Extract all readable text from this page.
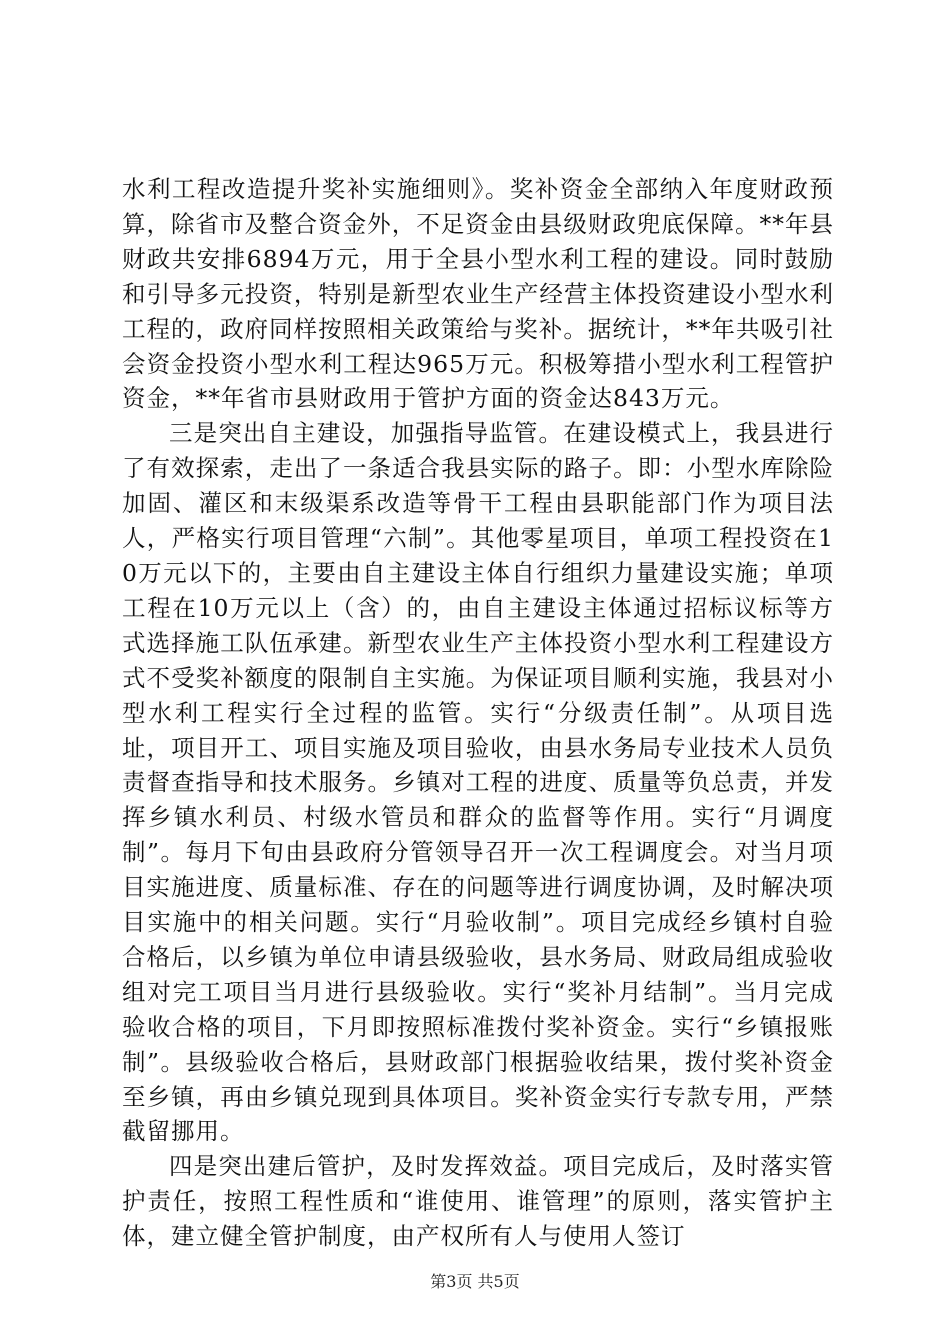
水利工程改造提升奖补实施细则》。奖补资金全部纳入年度财政预算，除省市及整合资金外，不足资金由县级财政兜底保障。**年县财政共安排6894万元，用于全县小型水利工程的建设。同时鼓励和引导多元投资，特别是新型农业生产经营主体投资建设小型水利工程的，政府同样按照相关政策给与奖补。据统计，**年共吸引社会资金投资小型水利工程达965万元。积极筹措小型水利工程管护资金，**年省市县财政用于管护方面的资金达843万元。

三是突出自主建设，加强指导监管。在建设模式上，我县进行了有效探索，走出了一条适合我县实际的路子。即：小型水库除险加固、灌区和末级渠系改造等骨干工程由县职能部门作为项目法人，严格实行项目管理“六制”。其他零星项目，单项工程投资在10万元以下的，主要由自主建设主体自行组织力量建设实施；单项工程在10万元以上（含）的，由自主建设主体通过招标议标等方式选择施工队伍承建。新型农业生产主体投资小型水利工程建设方式不受奖补额度的限制自主实施。为保证项目顺利实施，我县对小型水利工程实行全过程的监管。实行“分级责任制”。从项目选址，项目开工、项目实施及项目验收，由县水务局专业技术人员负责督查指导和技术服务。乡镇对工程的进度、质量等负总责，并发挥乡镇水利员、村级水管员和群众的监督等作用。实行“月调度制”。每月下旬由县政府分管领导召开一次工程调度会。对当月项目实施进度、质量标准、存在的问题等进行调度协调，及时解决项目实施中的相关问题。实行“月验收制”。项目完成经乡镇村自验合格后，以乡镇为单位申请县级验收，县水务局、财政局组成验收组对完工项目当月进行县级验收。实行“奖补月结制”。当月完成验收合格的项目，下月即按照标准拨付奖补资金。实行“乡镇报账制”。县级验收合格后，县财政部门根据验收结果，拨付奖补资金至乡镇，再由乡镇兑现到具体项目。奖补资金实行专款专用，严禁截留挪用。

四是突出建后管护，及时发挥效益。项目完成后，及时落实管护责任，按照工程性质和“谁使用、谁管理”的原则，落实管护主体，建立健全管护制度，由产权所有人与使用人签订

第3页 共5页
